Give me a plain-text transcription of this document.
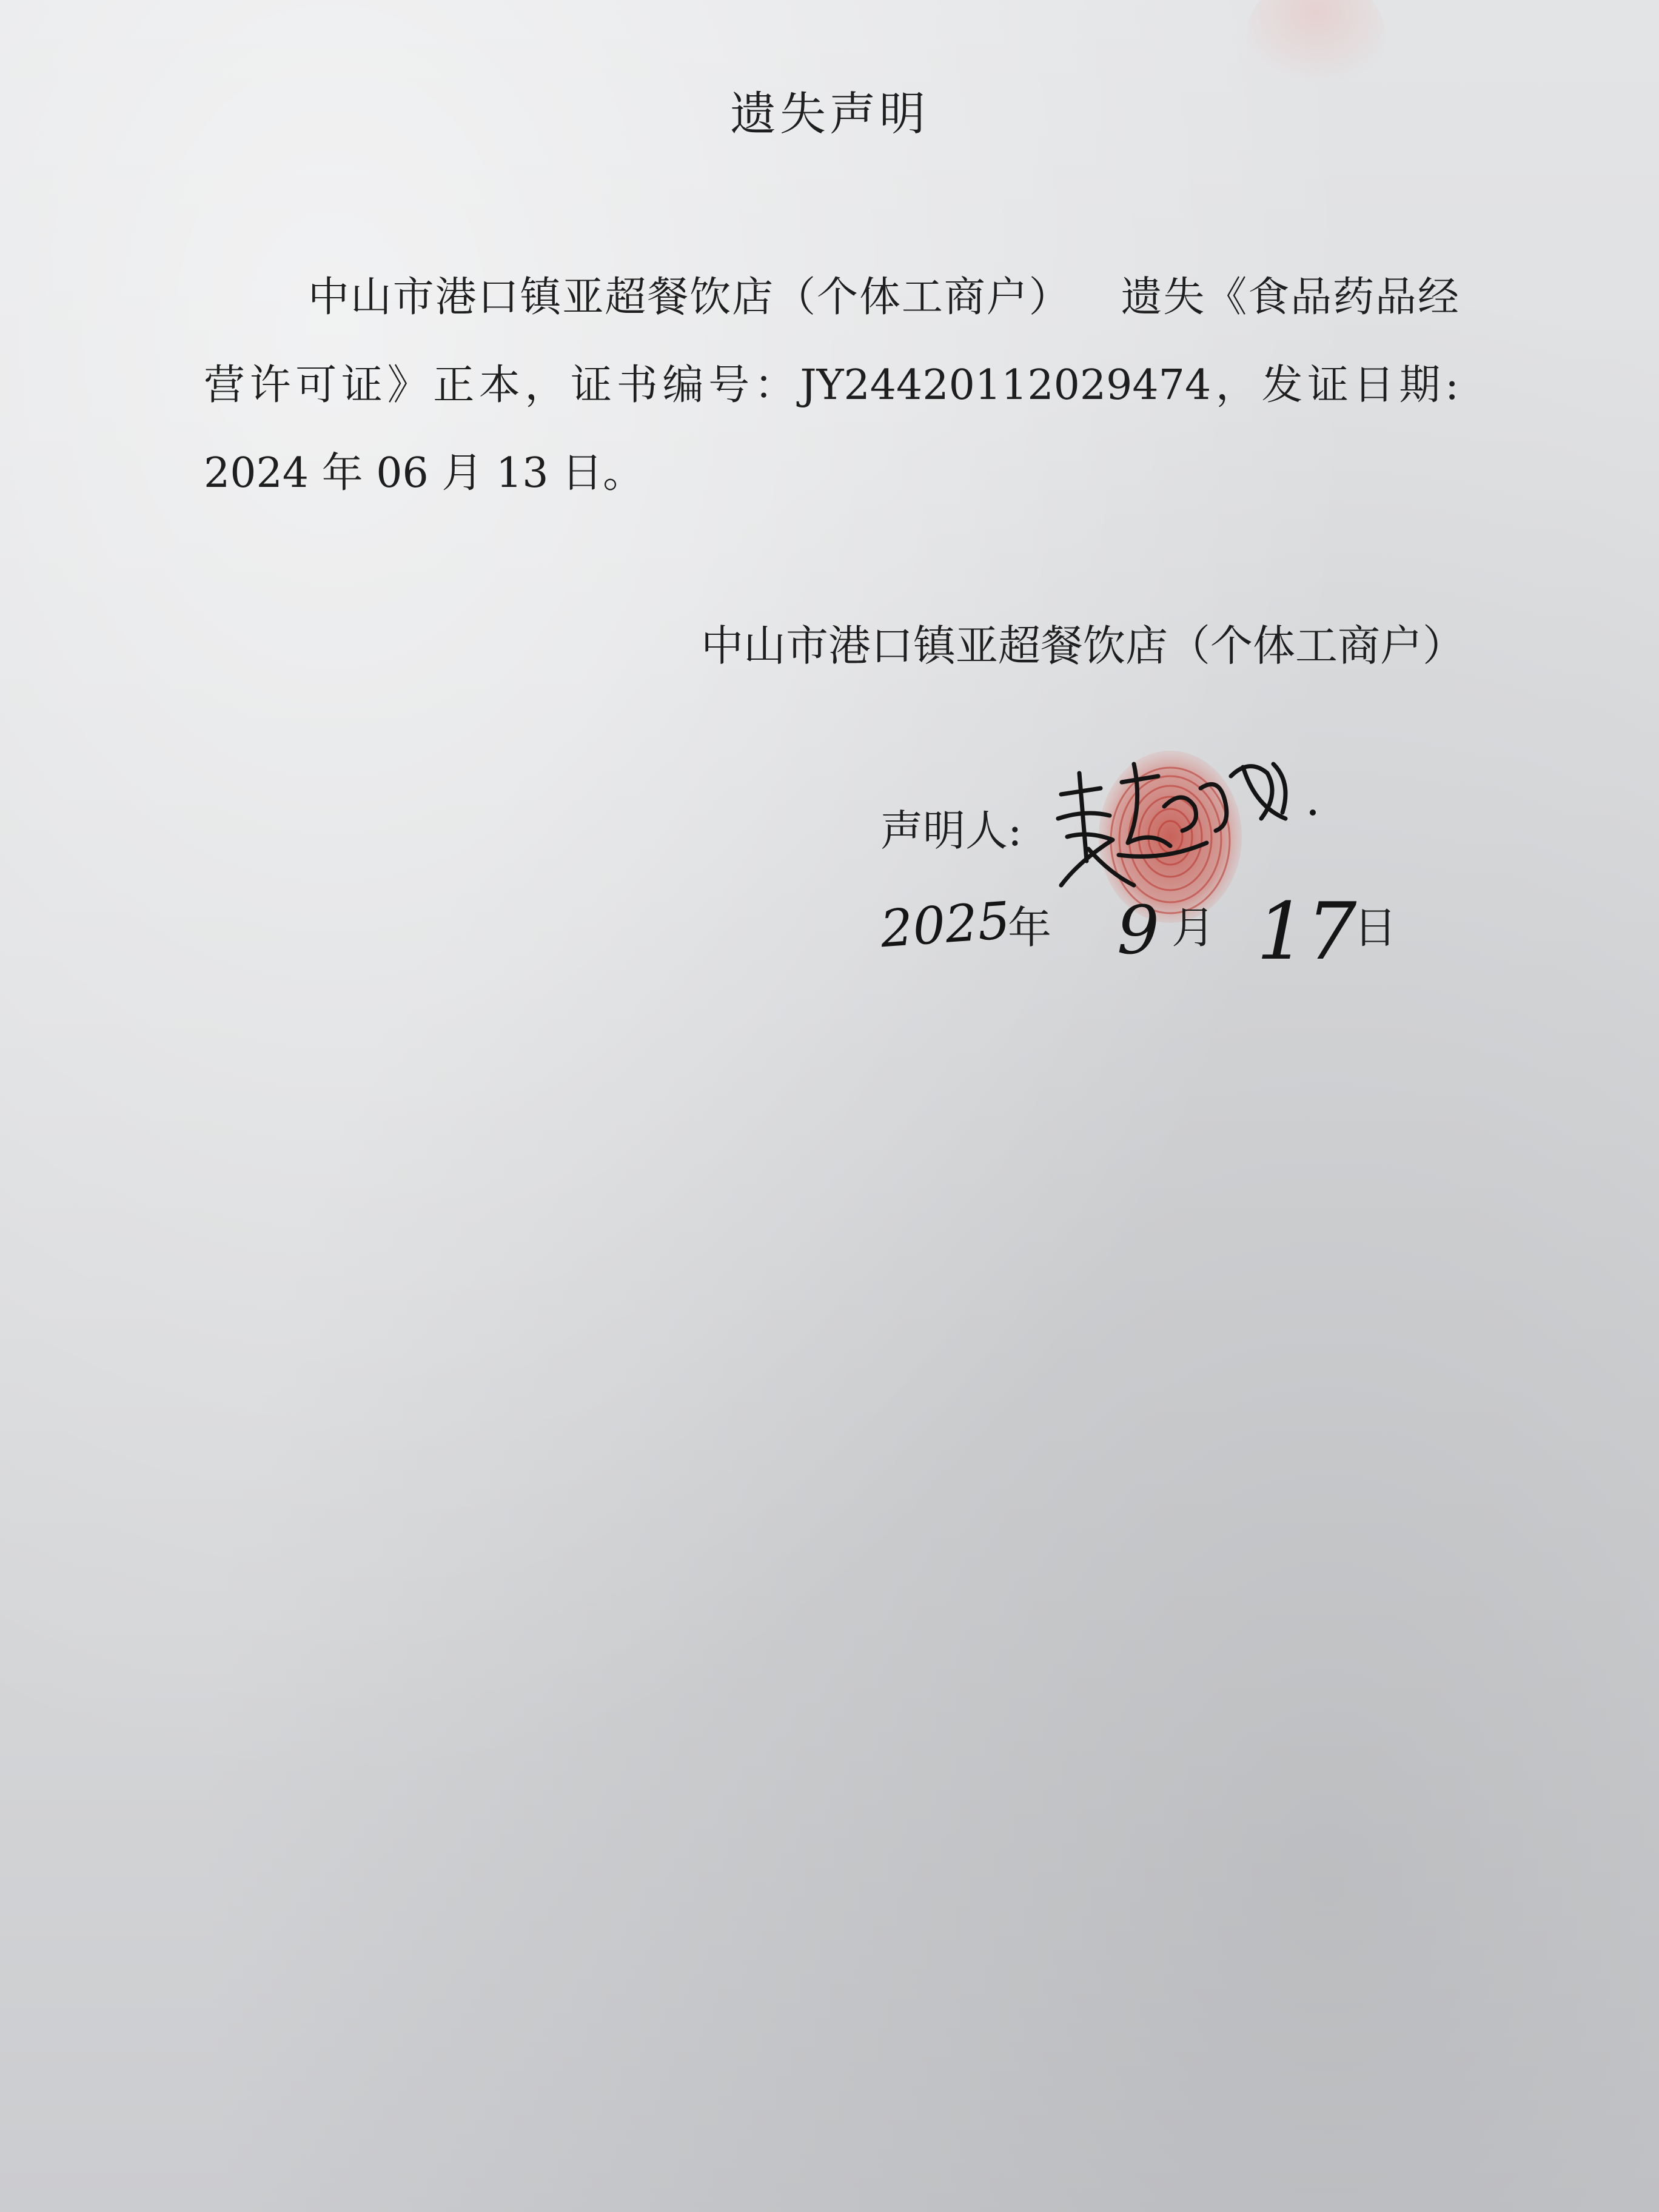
遗失声明
中山市港口镇亚超餐饮店（个体工商户） 遗失《食品药品经营许可证》正本，证书编号：JY24420112029474，发证日期: 2024 年 06 月 13 日。
中山市港口镇亚超餐饮店（个体工商户）
声明人:
2025
年 9 月 17
日
